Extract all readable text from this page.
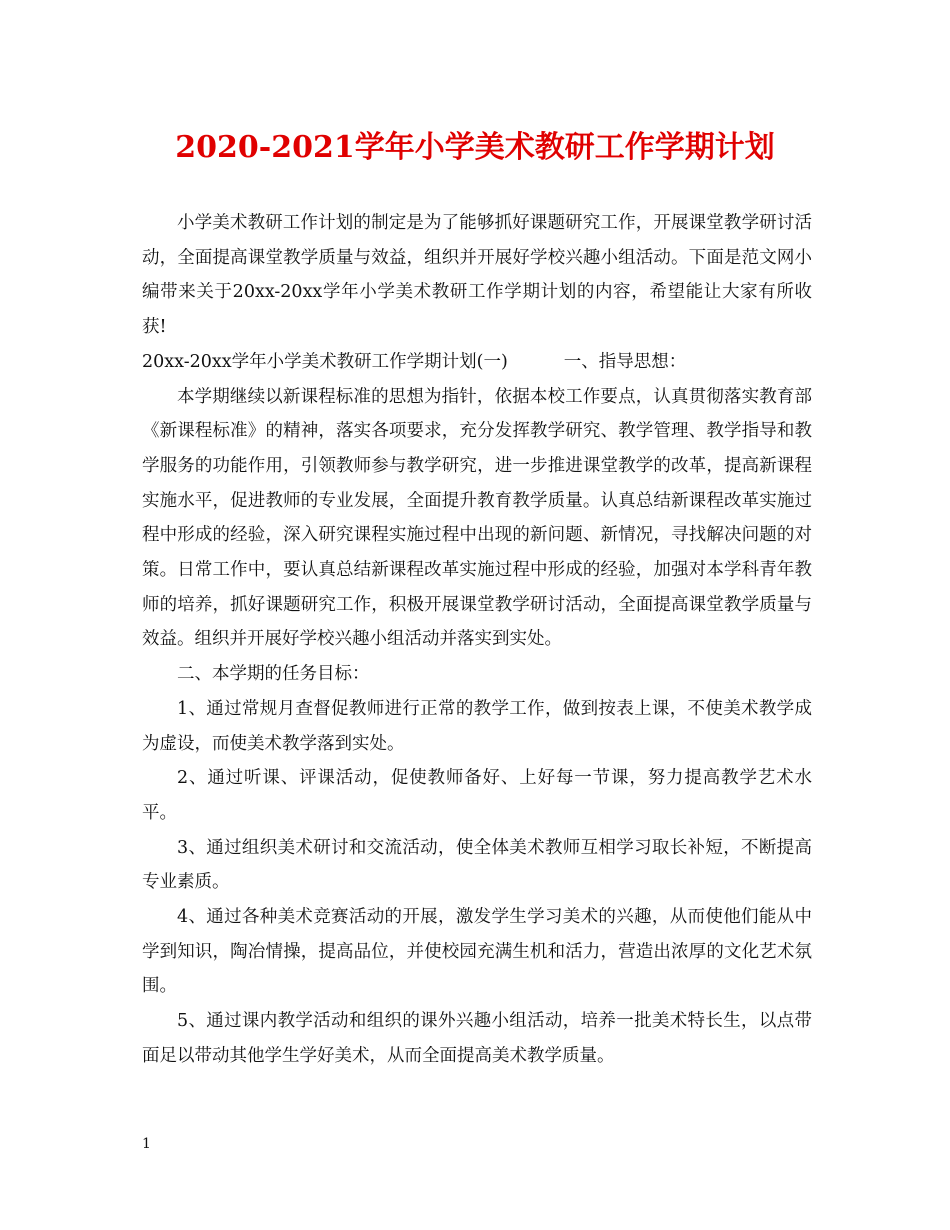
2020-2021学年小学美术教研工作学期计划

小学美术教研工作计划的制定是为了能够抓好课题研究工作，开展课堂教学研讨活动，全面提高课堂教学质量与效益，组织并开展好学校兴趣小组活动。下面是范文网小编带来关于20xx-20xx学年小学美术教研工作学期计划的内容，希望能让大家有所收获!

20xx-20xx学年小学美术教研工作学期计划(一)	一、指导思想：

本学期继续以新课程标准的思想为指针，依据本校工作要点，认真贯彻落实教育部《新课程标准》的精神，落实各项要求，充分发挥教学研究、教学管理、教学指导和教学服务的功能作用，引领教师参与教学研究，进一步推进课堂教学的改革，提高新课程实施水平，促进教师的专业发展，全面提升教育教学质量。认真总结新课程改革实施过程中形成的经验，深入研究课程实施过程中出现的新问题、新情况，寻找解决问题的对策。日常工作中，要认真总结新课程改革实施过程中形成的经验，加强对本学科青年教师的培养，抓好课题研究工作，积极开展课堂教学研讨活动，全面提高课堂教学质量与效益。组织并开展好学校兴趣小组活动并落实到实处。

二、本学期的任务目标：

1、通过常规月查督促教师进行正常的教学工作，做到按表上课，不使美术教学成为虚设，而使美术教学落到实处。

2、通过听课、评课活动，促使教师备好、上好每一节课，努力提高教学艺术水平。

3、通过组织美术研讨和交流活动，使全体美术教师互相学习取长补短，不断提高专业素质。

4、通过各种美术竞赛活动的开展，激发学生学习美术的兴趣，从而使他们能从中学到知识，陶冶情操，提高品位，并使校园充满生机和活力，营造出浓厚的文化艺术氛围。

5、通过课内教学活动和组织的课外兴趣小组活动，培养一批美术特长生，以点带面足以带动其他学生学好美术，从而全面提高美术教学质量。

1
